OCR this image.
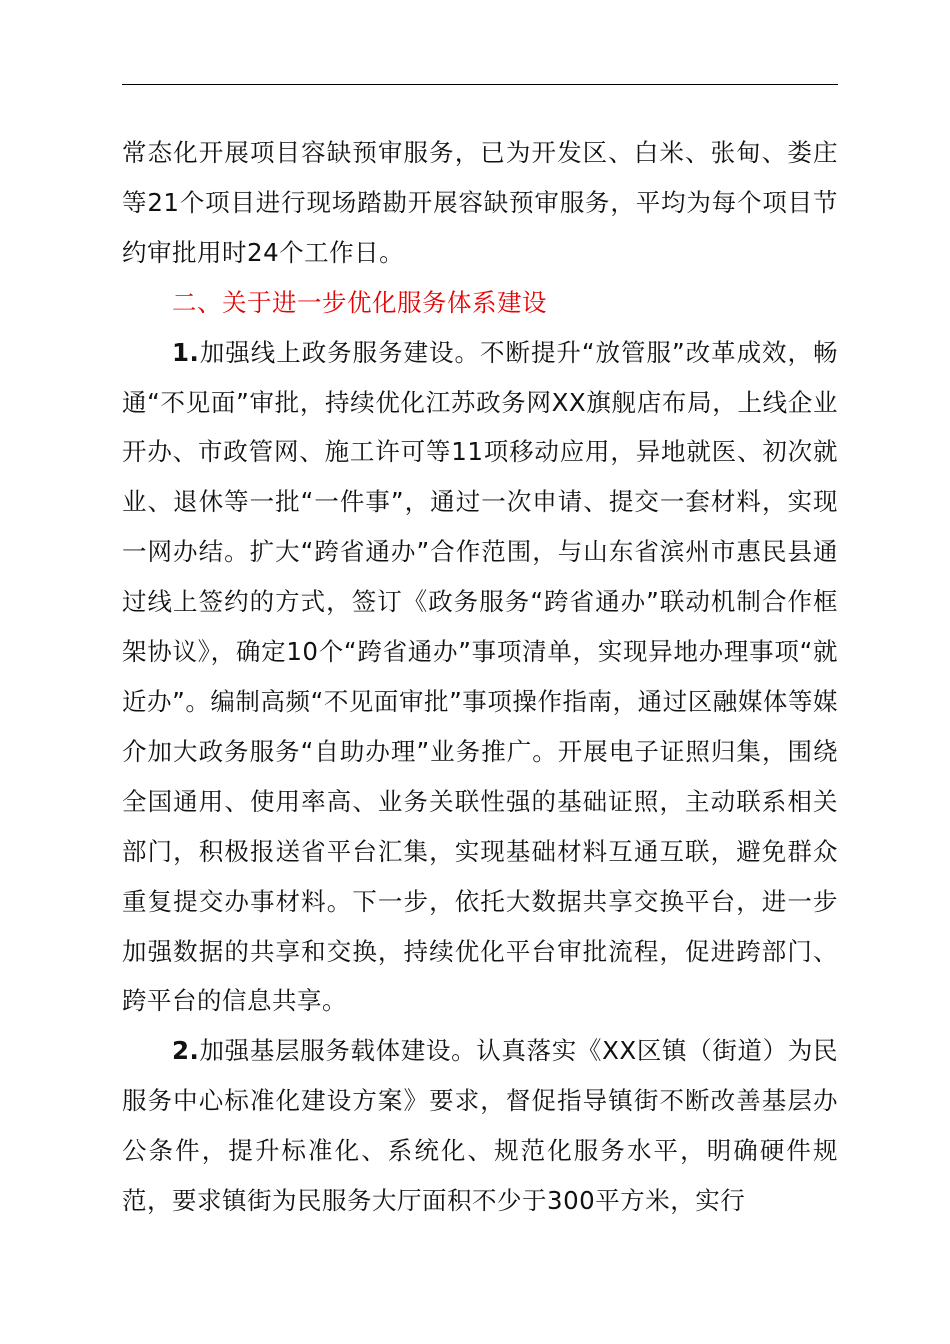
常态化开展项目容缺预审服务，已为开发区、白米、张甸、娄庄等21个项目进行现场踏勘开展容缺预审服务，平均为每个项目节约审批用时24个工作日。

二、关于进一步优化服务体系建设

1.加强线上政务服务建设。不断提升“放管服”改革成效，畅通“不见面”审批，持续优化江苏政务网XX旗舰店布局，上线企业开办、市政管网、施工许可等11项移动应用，异地就医、初次就业、退休等一批“一件事”，通过一次申请、提交一套材料，实现一网办结。扩大“跨省通办”合作范围，与山东省滨州市惠民县通过线上签约的方式，签订《政务服务“跨省通办”联动机制合作框架协议》，确定10个“跨省通办”事项清单，实现异地办理事项“就近办”。编制高频“不见面审批”事项操作指南，通过区融媒体等媒介加大政务服务“自助办理”业务推广。开展电子证照归集，围绕全国通用、使用率高、业务关联性强的基础证照，主动联系相关部门，积极报送省平台汇集，实现基础材料互通互联，避免群众重复提交办事材料。下一步，依托大数据共享交换平台，进一步加强数据的共享和交换，持续优化平台审批流程，促进跨部门、跨平台的信息共享。

2.加强基层服务载体建设。认真落实《XX区镇（街道）为民服务中心标准化建设方案》要求，督促指导镇街不断改善基层办公条件，提升标准化、系统化、规范化服务水平，明确硬件规范，要求镇街为民服务大厅面积不少于300平方米，实行
